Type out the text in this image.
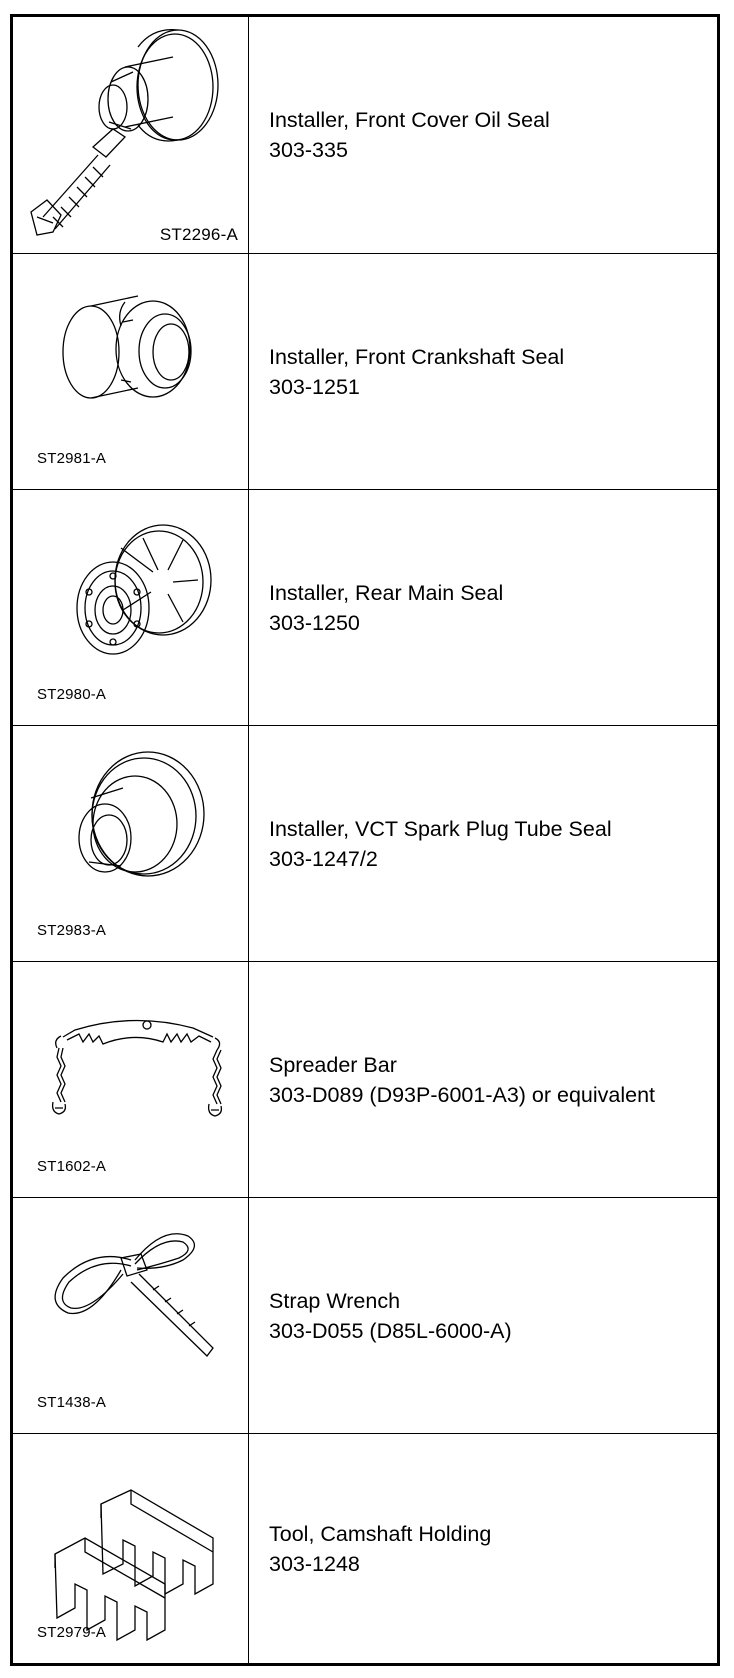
ST2296-A
Installer, Front Cover Oil Seal
303-335
ST2981-A
Installer, Front Crankshaft Seal
303-1251
ST2980-A
Installer, Rear Main Seal
303-1250
ST2983-A
Installer, VCT Spark Plug Tube Seal
303-1247/2
ST1602-A
Spreader Bar
303-D089 (D93P-6001-A3) or equivalent
ST1438-A
Strap Wrench
303-D055 (D85L-6000-A)
ST2979-A
Tool, Camshaft Holding
303-1248
